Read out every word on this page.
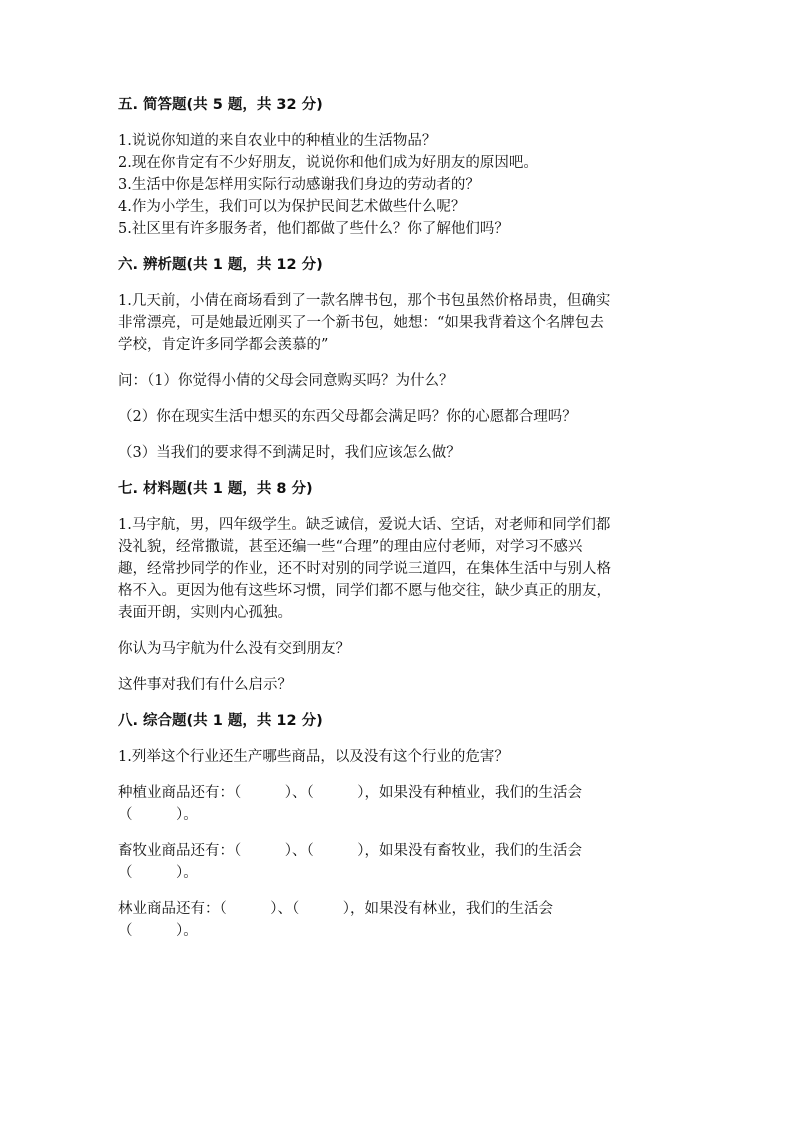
五. 简答题(共 5 题，共 32 分)

1.说说你知道的来自农业中的种植业的生活物品？

2.现在你肯定有不少好朋友，说说你和他们成为好朋友的原因吧。

3.生活中你是怎样用实际行动感谢我们身边的劳动者的？

4.作为小学生，我们可以为保护民间艺术做些什么呢？

5.社区里有许多服务者，他们都做了些什么？你了解他们吗？

六. 辨析题(共 1 题，共 12 分)

1.几天前，小倩在商场看到了一款名牌书包，那个书包虽然价格昂贵，但确实

非常漂亮，可是她最近刚买了一个新书包，她想：“如果我背着这个名牌包去

学校，肯定许多同学都会羡慕的”

问：（1）你觉得小倩的父母会同意购买吗？为什么？

（2）你在现实生活中想买的东西父母都会满足吗？你的心愿都合理吗？

（3）当我们的要求得不到满足时，我们应该怎么做？

七. 材料题(共 1 题，共 8 分)

1.马宇航，男，四年级学生。缺乏诚信，爱说大话、空话，对老师和同学们都

没礼貌，经常撒谎，甚至还编一些“合理”的理由应付老师，对学习不感兴

趣，经常抄同学的作业，还不时对别的同学说三道四，在集体生活中与别人格

格不入。更因为他有这些坏习惯，同学们都不愿与他交往，缺少真正的朋友，

表面开朗，实则内心孤独。

你认为马宇航为什么没有交到朋友？

这件事对我们有什么启示？

八. 综合题(共 1 题，共 12 分)

1.列举这个行业还生产哪些商品，以及没有这个行业的危害？

种植业商品还有：（　　　）、（　　　），如果没有种植业，我们的生活会

（　　　）。

畜牧业商品还有：（　　　）、（　　　），如果没有畜牧业，我们的生活会

（　　　）。

林业商品还有：（　　　）、（　　　），如果没有林业，我们的生活会

（　　　）。
